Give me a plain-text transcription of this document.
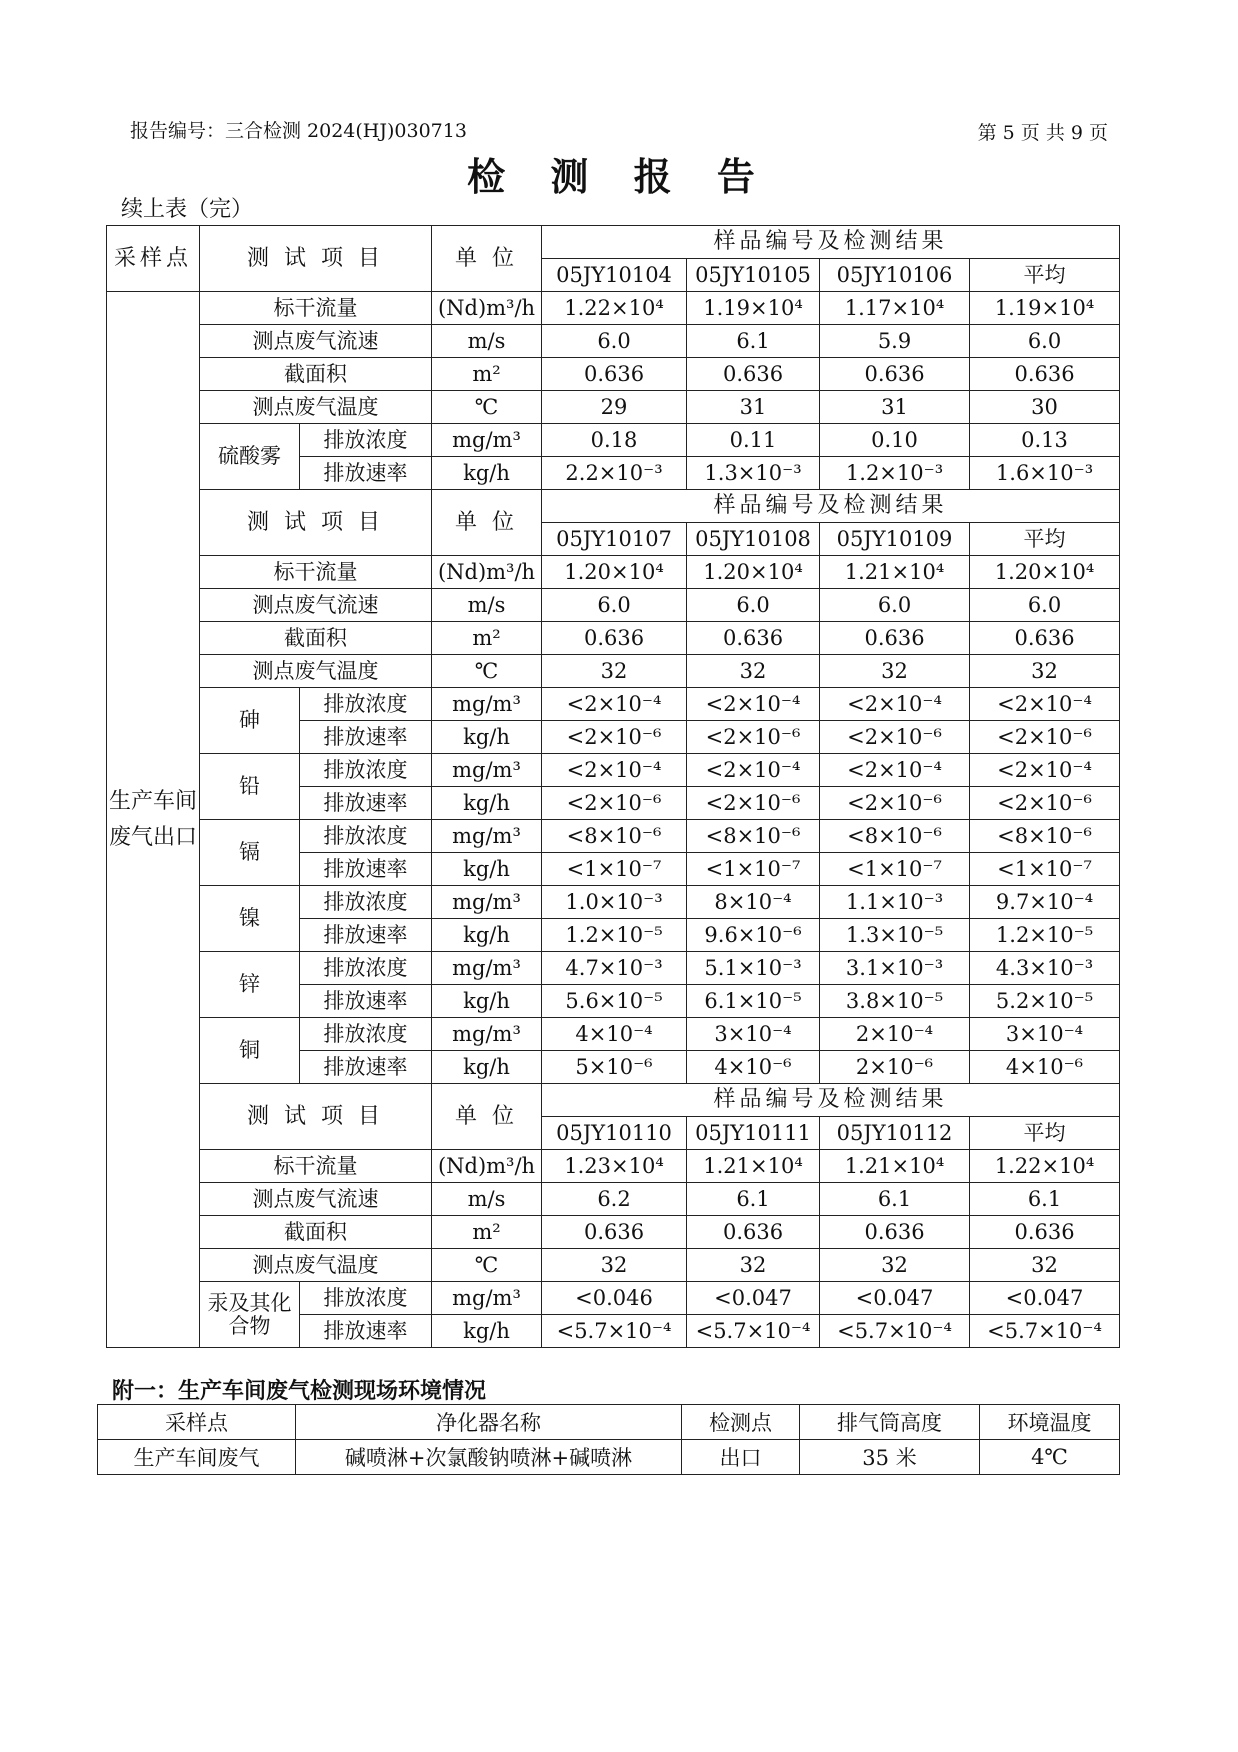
报告编号：三合检测 2024(HJ)030713	第 5 页 共 9 页
检 测 报 告
续上表（完）
采样点	测 试 项 目		单 位	样品编号及检测结果			
				05JY10104	05JY10105	05JY10106	平均
生产车间废气出口	标干流量		(Nd)m³/h	1.22×10⁴	1.19×10⁴	1.17×10⁴	1.19×10⁴
	测点废气流速		m/s	6.0	6.1	5.9	6.0
	截面积		m²	0.636	0.636	0.636	0.636
	测点废气温度		℃	29	31	31	30
	硫酸雾	排放浓度	mg/m³	0.18	0.11	0.10	0.13
		排放速率	kg/h	2.2×10⁻³	1.3×10⁻³	1.2×10⁻³	1.6×10⁻³
	测 试 项 目		单 位	样品编号及检测结果			
				05JY10107	05JY10108	05JY10109	平均
	标干流量		(Nd)m³/h	1.20×10⁴	1.20×10⁴	1.21×10⁴	1.20×10⁴
	测点废气流速		m/s	6.0	6.0	6.0	6.0
	截面积		m²	0.636	0.636	0.636	0.636
	测点废气温度		℃	32	32	32	32
	砷	排放浓度	mg/m³	<2×10⁻⁴	<2×10⁻⁴	<2×10⁻⁴	<2×10⁻⁴
		排放速率	kg/h	<2×10⁻⁶	<2×10⁻⁶	<2×10⁻⁶	<2×10⁻⁶
	铅	排放浓度	mg/m³	<2×10⁻⁴	<2×10⁻⁴	<2×10⁻⁴	<2×10⁻⁴
		排放速率	kg/h	<2×10⁻⁶	<2×10⁻⁶	<2×10⁻⁶	<2×10⁻⁶
	镉	排放浓度	mg/m³	<8×10⁻⁶	<8×10⁻⁶	<8×10⁻⁶	<8×10⁻⁶
		排放速率	kg/h	<1×10⁻⁷	<1×10⁻⁷	<1×10⁻⁷	<1×10⁻⁷
	镍	排放浓度	mg/m³	1.0×10⁻³	8×10⁻⁴	1.1×10⁻³	9.7×10⁻⁴
		排放速率	kg/h	1.2×10⁻⁵	9.6×10⁻⁶	1.3×10⁻⁵	1.2×10⁻⁵
	锌	排放浓度	mg/m³	4.7×10⁻³	5.1×10⁻³	3.1×10⁻³	4.3×10⁻³
		排放速率	kg/h	5.6×10⁻⁵	6.1×10⁻⁵	3.8×10⁻⁵	5.2×10⁻⁵
	铜	排放浓度	mg/m³	4×10⁻⁴	3×10⁻⁴	2×10⁻⁴	3×10⁻⁴
		排放速率	kg/h	5×10⁻⁶	4×10⁻⁶	2×10⁻⁶	4×10⁻⁶
	测 试 项 目		单 位	样品编号及检测结果			
				05JY10110	05JY10111	05JY10112	平均
	标干流量		(Nd)m³/h	1.23×10⁴	1.21×10⁴	1.21×10⁴	1.22×10⁴
	测点废气流速		m/s	6.2	6.1	6.1	6.1
	截面积		m²	0.636	0.636	0.636	0.636
	测点废气温度		℃	32	32	32	32
	汞及其化合物	排放浓度	mg/m³	<0.046	<0.047	<0.047	<0.047
		排放速率	kg/h	<5.7×10⁻⁴	<5.7×10⁻⁴	<5.7×10⁻⁴	<5.7×10⁻⁴
附一：生产车间废气检测现场环境情况
采样点	净化器名称	检测点	排气筒高度	环境温度
生产车间废气	碱喷淋+次氯酸钠喷淋+碱喷淋	出口	35 米	4℃
